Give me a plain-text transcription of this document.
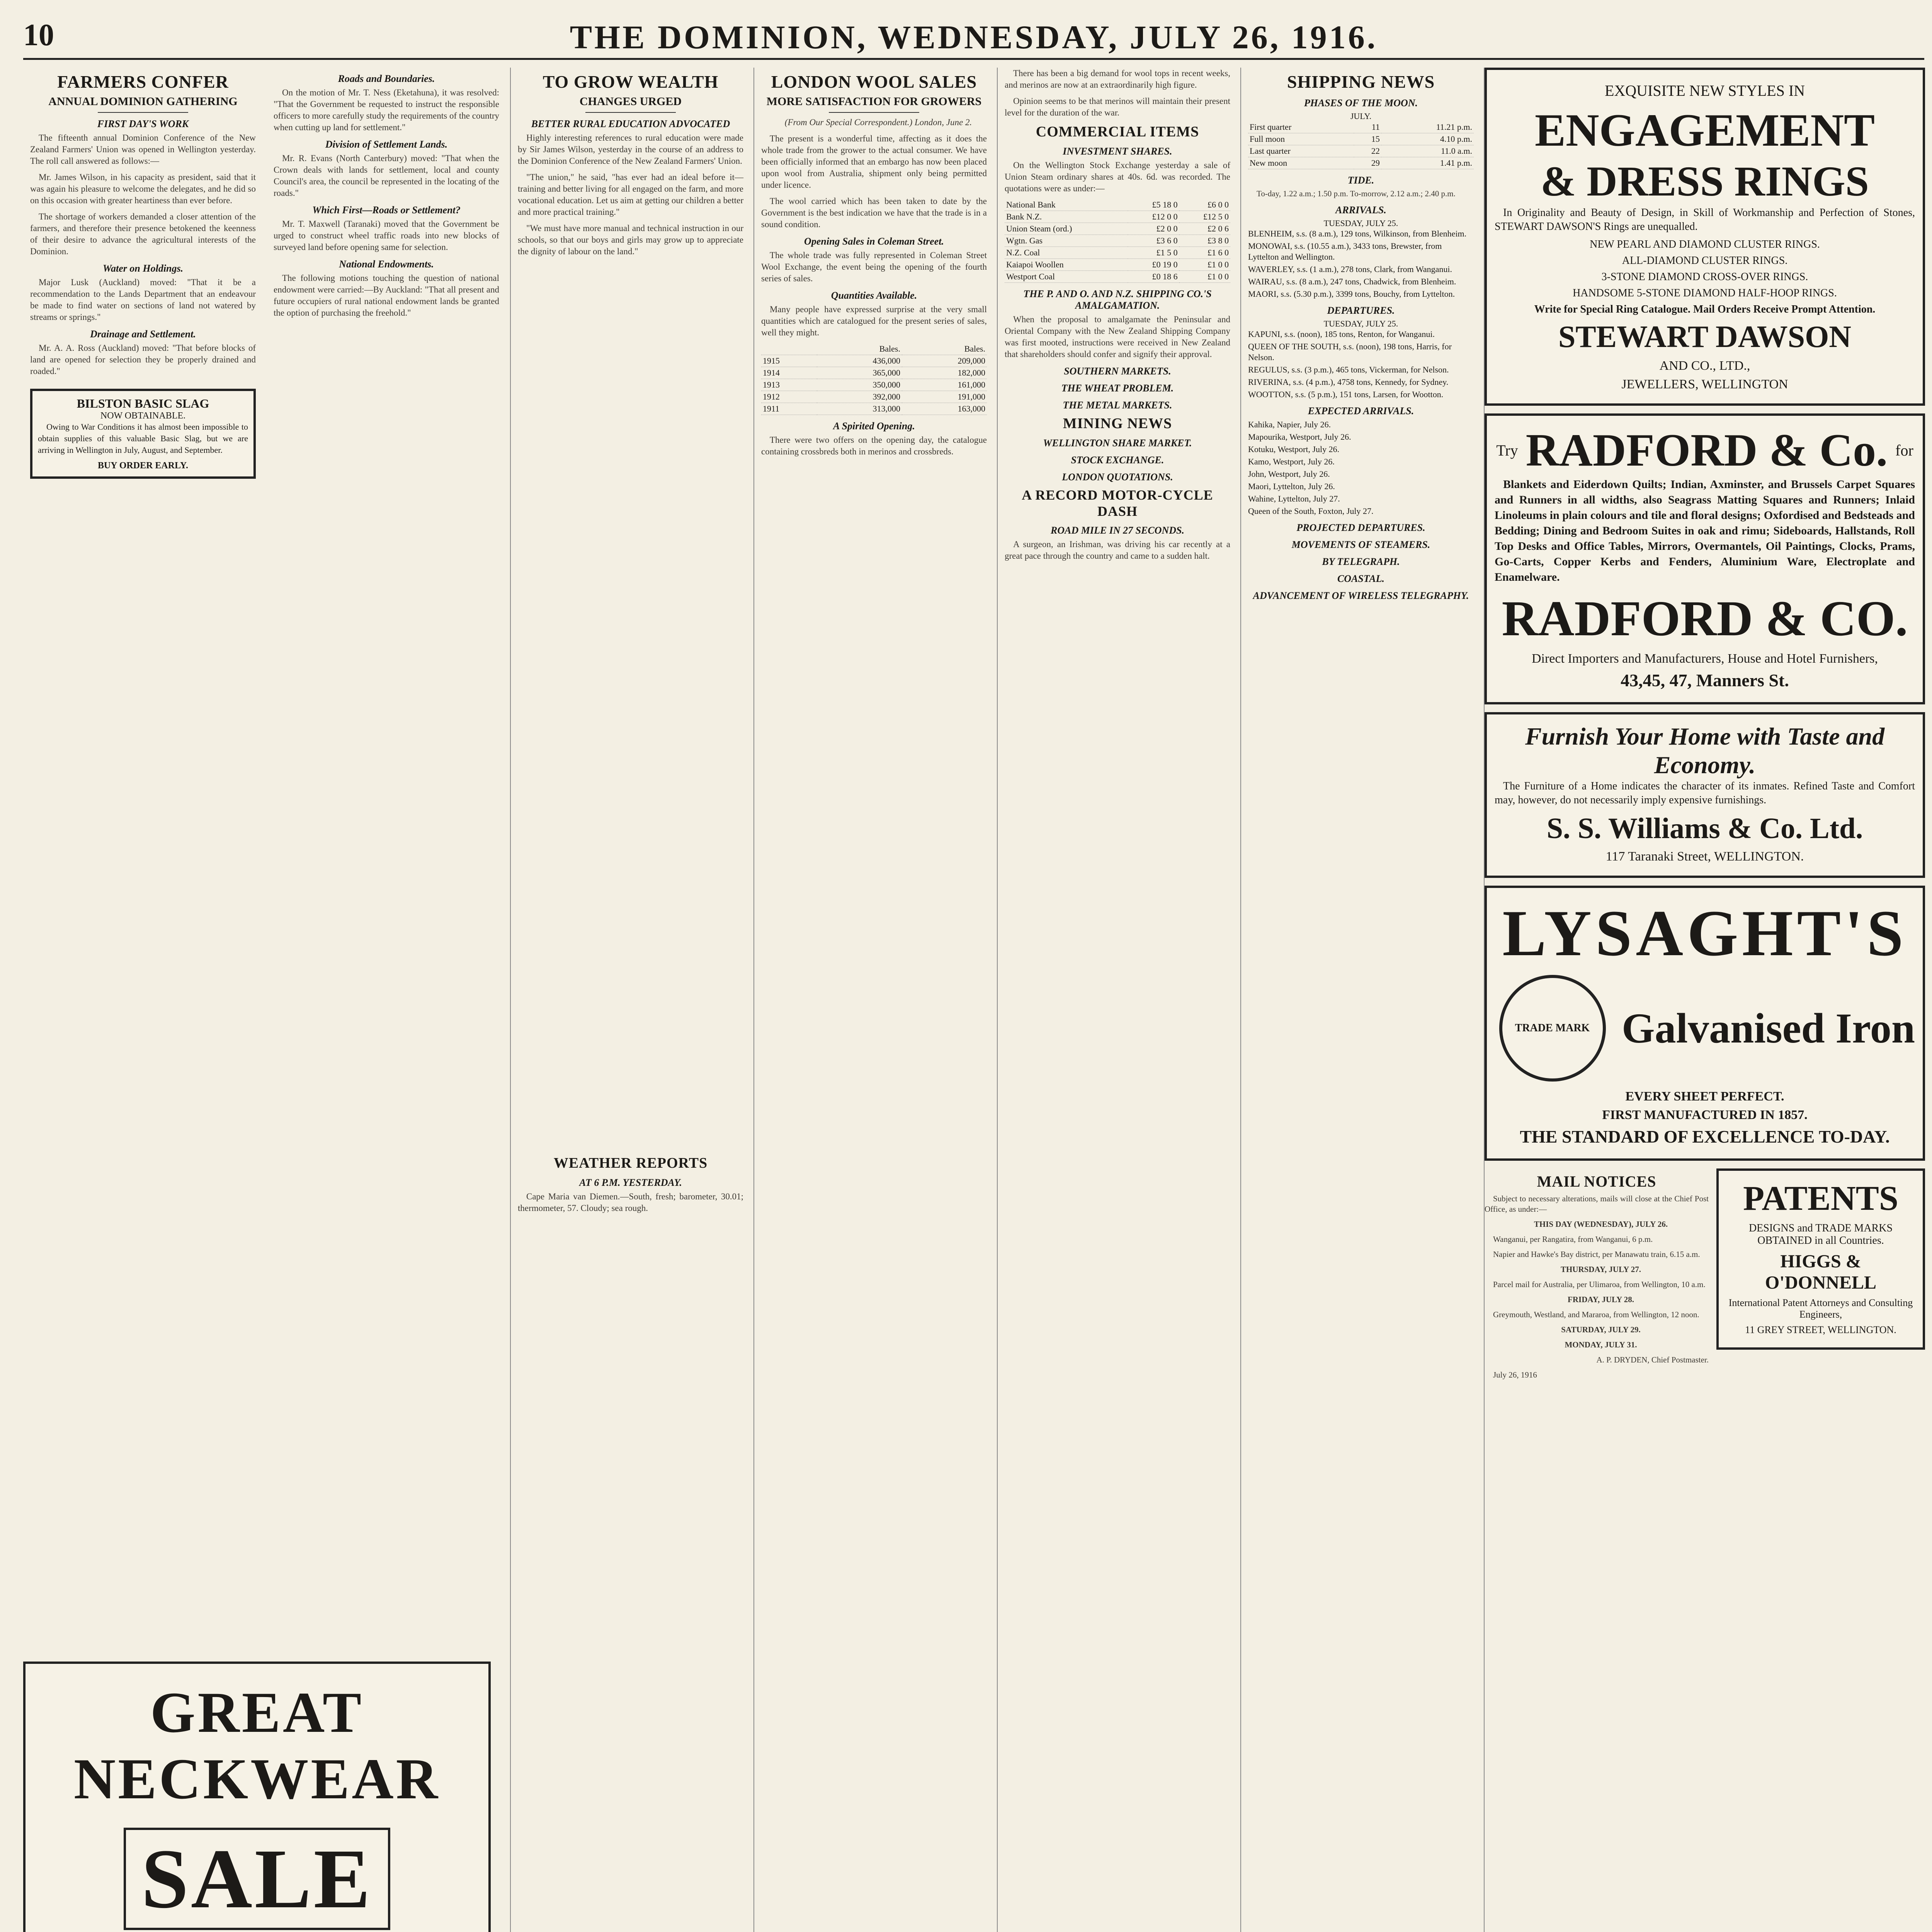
10	THE DOMINION, WEDNESDAY, JULY 26, 1916.
FARMERS CONFER
ANNUAL DOMINION GATHERING
FIRST DAY'S WORK

The fifteenth annual Dominion Conference of the New Zealand Farmers' Union was opened in Wellington yesterday. The roll call answered as follows:—

Mr. James Wilson, in his capacity as president, said that it was again his pleasure to welcome the delegates, and he did so on this occasion with greater heartiness than ever before.

The shortage of workers demanded a closer attention of the farmers, and therefore their presence betokened the keenness of their desire to advance the agricultural interests of the Dominion.

Water on Holdings.

Major Lusk (Auckland) moved: "That it be a recommendation to the Lands Department that an endeavour be made to find water on sections of land not watered by streams or springs."

Drainage and Settlement.

Mr. A. A. Ross (Auckland) moved: "That before blocks of land are opened for selection they be properly drained and roaded."

BILSTON BASIC SLAG
NOW OBTAINABLE.

Owing to War Conditions it has almost been impossible to obtain supplies of this valuable Basic Slag, but we are arriving in Wellington in July, August, and September.

BUY ORDER EARLY.
GREAT NECKWEAR
SALE
Roads and Boundaries.

On the motion of Mr. T. Ness (Eketahuna), it was resolved: "That the Government be requested to instruct the responsible officers to more carefully study the requirements of the country when cutting up land for settlement."

Division of Settlement Lands.

Mr. R. Evans (North Canterbury) moved: "That when the Crown deals with lands for settlement, local and county Council's area, the council be represented in the locating of the roads."

Which First—Roads or Settlement?

Mr. T. Maxwell (Taranaki) moved that the Government be urged to construct wheel traffic roads into new blocks of surveyed land before opening same for selection.

National Endowments.

The following motions touching the question of national endowment were carried:—By Auckland: "That all present and future occupiers of rural national endowment lands be granted the option of purchasing the freehold."

TO GROW WEALTH
CHANGES URGED
BETTER RURAL EDUCATION ADVOCATED

Highly interesting references to rural education were made by Sir James Wilson, yesterday in the course of an address to the Dominion Conference of the New Zealand Farmers' Union.

"The union," he said, "has ever had an ideal before it—training and better living for all engaged on the farm, and more vocational education. Let us aim at getting our children a better and more practical training."

"We must have more manual and technical instruction in our schools, so that our boys and girls may grow up to appreciate the dignity of labour on the land."

WEATHER REPORTS
AT 6 P.M. YESTERDAY.

Cape Maria van Diemen.—South, fresh; barometer, 30.01; thermometer, 57. Cloudy; sea rough.

LONDON WOOL SALES
MORE SATISFACTION FOR GROWERS

(From Our Special Correspondent.) London, June 2.

The present is a wonderful time, affecting as it does the whole trade from the grower to the actual consumer. We have been officially informed that an embargo has now been placed upon wool from Australia, shipment only being permitted under licence.

The wool carried which has been taken to date by the Government is the best indication we have that the trade is in a sound condition.

Opening Sales in Coleman Street.

The whole trade was fully represented in Coleman Street Wool Exchange, the event being the opening of the fourth series of sales.

Quantities Available.

Many people have expressed surprise at the very small quantities which are catalogued for the present series of sales, well they might.

	Bales.	Bales.
1915	436,000	209,000
1914	365,000	182,000
1913	350,000	161,000
1912	392,000	191,000
1911	313,000	163,000
A Spirited Opening.

There were two offers on the opening day, the catalogue containing crossbreds both in merinos and crossbreds.

There has been a big demand for wool tops in recent weeks, and merinos are now at an extraordinarily high figure.

Opinion seems to be that merinos will maintain their present level for the duration of the war.

COMMERCIAL ITEMS
INVESTMENT SHARES.

On the Wellington Stock Exchange yesterday a sale of Union Steam ordinary shares at 40s. 6d. was recorded. The quotations were as under:—

National Bank	£5 18 0	£6 0 0
Bank N.Z.	£12 0 0	£12 5 0
Union Steam (ord.)	£2 0 0	£2 0 6
Wgtn. Gas	£3 6 0	£3 8 0
N.Z. Coal	£1 5 0	£1 6 0
Kaiapoi Woollen	£0 19 0	£1 0 0
Westport Coal	£0 18 6	£1 0 0
THE P. AND O. AND N.Z. SHIPPING CO.'S AMALGAMATION.

When the proposal to amalgamate the Peninsular and Oriental Company with the New Zealand Shipping Company was first mooted, instructions were received in New Zealand that shareholders should confer and signify their approval.

SOUTHERN MARKETS.
THE WHEAT PROBLEM.
THE METAL MARKETS.
MINING NEWS
WELLINGTON SHARE MARKET.
STOCK EXCHANGE.
LONDON QUOTATIONS.
A RECORD MOTOR-CYCLE DASH
ROAD MILE IN 27 SECONDS.

A surgeon, an Irishman, was driving his car recently at a great pace through the country and came to a sudden halt.

SHIPPING NEWS
PHASES OF THE MOON.
JULY.
First quarter	11	11.21 p.m.
Full moon	15	4.10 p.m.
Last quarter	22	11.0 a.m.
New moon	29	1.41 p.m.
TIDE.

To-day, 1.22 a.m.; 1.50 p.m. To-morrow, 2.12 a.m.; 2.40 p.m.

ARRIVALS.
TUESDAY, JULY 25.
BLENHEIM, s.s. (8 a.m.), 129 tons, Wilkinson, from Blenheim.
MONOWAI, s.s. (10.55 a.m.), 3433 tons, Brewster, from Lyttelton and Wellington.
WAVERLEY, s.s. (1 a.m.), 278 tons, Clark, from Wanganui.
WAIRAU, s.s. (8 a.m.), 247 tons, Chadwick, from Blenheim.
MAORI, s.s. (5.30 p.m.), 3399 tons, Bouchy, from Lyttelton.
DEPARTURES.
TUESDAY, JULY 25.
KAPUNI, s.s. (noon), 185 tons, Renton, for Wanganui.
QUEEN OF THE SOUTH, s.s. (noon), 198 tons, Harris, for Nelson.
REGULUS, s.s. (3 p.m.), 465 tons, Vickerman, for Nelson.
RIVERINA, s.s. (4 p.m.), 4758 tons, Kennedy, for Sydney.
WOOTTON, s.s. (5 p.m.), 151 tons, Larsen, for Wootton.
EXPECTED ARRIVALS.
Kahika, Napier, July 26.
Mapourika, Westport, July 26.
Kotuku, Westport, July 26.
Kamo, Westport, July 26.
John, Westport, July 26.
Maori, Lyttelton, July 26.
Wahine, Lyttelton, July 27.
Queen of the South, Foxton, July 27.
PROJECTED DEPARTURES.
MOVEMENTS OF STEAMERS.
BY TELEGRAPH.
COASTAL.
ADVANCEMENT OF WIRELESS TELEGRAPHY.
EXQUISITE NEW STYLES IN
ENGAGEMENT
& DRESS RINGS

In Originality and Beauty of Design, in Skill of Workmanship and Perfection of Stones, STEWART DAWSON'S Rings are unequalled.

NEW PEARL AND DIAMOND CLUSTER RINGS.
ALL-DIAMOND CLUSTER RINGS.
3-STONE DIAMOND CROSS-OVER RINGS.
HANDSOME 5-STONE DIAMOND HALF-HOOP RINGS.
Write for Special Ring Catalogue. Mail Orders Receive Prompt Attention.
STEWART DAWSON
AND CO., LTD.,
JEWELLERS, WELLINGTON
Try RADFORD & Co. for

Blankets and Eiderdown Quilts; Indian, Axminster, and Brussels Carpet Squares and Runners in all widths, also Seagrass Matting Squares and Runners; Inlaid Linoleums in plain colours and tile and floral designs; Oxfordised and Bedsteads and Bedding; Dining and Bedroom Suites in oak and rimu; Sideboards, Hallstands, Roll Top Desks and Office Tables, Mirrors, Overmantels, Oil Paintings, Clocks, Prams, Go-Carts, Copper Kerbs and Fenders, Aluminium Ware, Electroplate and Enamelware.

RADFORD & CO.
Direct Importers and Manufacturers, House and Hotel Furnishers,
43,45, 47, Manners St.
Furnish Your Home with Taste and Economy.

The Furniture of a Home indicates the character of its inmates. Refined Taste and Comfort may, however, do not necessarily imply expensive furnishings.

S. S. Williams & Co. Ltd.
117 Taranaki Street, WELLINGTON.
LYSAGHT'S
TRADE MARK Galvanised Iron
EVERY SHEET PERFECT.
FIRST MANUFACTURED IN 1857.
THE STANDARD OF EXCELLENCE TO-DAY.
MAIL NOTICES

Subject to necessary alterations, mails will close at the Chief Post Office, as under:—

THIS DAY (WEDNESDAY), JULY 26.

Wanganui, per Rangatira, from Wanganui, 6 p.m.

Napier and Hawke's Bay district, per Manawatu train, 6.15 a.m.

THURSDAY, JULY 27.

Parcel mail for Australia, per Ulimaroa, from Wellington, 10 a.m.

FRIDAY, JULY 28.

Greymouth, Westland, and Mararoa, from Wellington, 12 noon.

SATURDAY, JULY 29.

MONDAY, JULY 31.

A. P. DRYDEN, Chief Postmaster.

July 26, 1916

PATENTS
DESIGNS and TRADE MARKS OBTAINED in all Countries.
HIGGS & O'DONNELL
International Patent Attorneys and Consulting Engineers,
11 GREY STREET, WELLINGTON.
